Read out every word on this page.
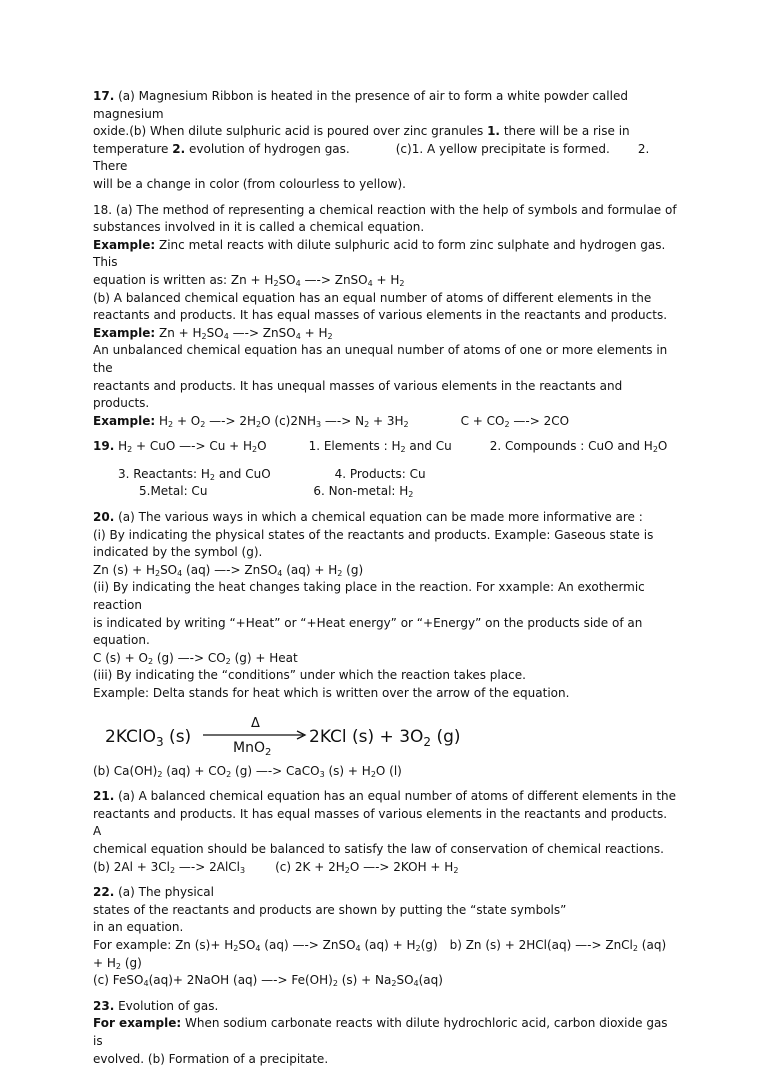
17. (a) Magnesium Ribbon is heated in the presence of air to form a white powder called magnesium

oxide.(b) When dilute sulphuric acid is poured over zinc granules 1. there will be a rise in

temperature 2. evolution of hydrogen gas.	(c)1. A yellow precipitate is formed. 2. There

will be a change in color (from colourless to yellow).

18. (a) The method of representing a chemical reaction with the help of symbols and formulae of

substances involved in it is called a chemical equation.

Example: Zinc metal reacts with dilute sulphuric acid to form zinc sulphate and hydrogen gas. This

equation is written as: $Zn + H_2SO_4$ —-> ZnSO$_4$ + $H_2$

(b) A balanced chemical equation has an equal number of atoms of different elements in the

reactants and products. It has equal masses of various elements in the reactants and products.

Example: $Zn + H_2SO_4$ —-> ZnSO$_4$ + $H_2$

An unbalanced chemical equation has an unequal number of atoms of one or more elements in the

reactants and products. It has unequal masses of various elements in the reactants and products.

Example: $H_2 + O_2$ —-> $2H_2O$ $(c)2NH_3$ —-> $N_2 + 3H_2$	$C + CO_2$ —-> 2CO

19. $H_2$ + CuO —-> $Cu + H_2O$	1. Elements : $H_2$ and Cu	2. Compounds : CuO and $H_2O$

3. Reactants: $H_2$ and CuO	4. Products: Cu

5.Metal: Cu	6. Non-metal: $H_2$

20. (a) The various ways in which a chemical equation can be made more informative are :

(i) By indicating the physical states of the reactants and products. Example: Gaseous state is

indicated by the symbol (g).

Zn $(s) + H_2SO_4$ (aq) —-> ZnSO$_4$ $(aq) + H_2$ (g)

(ii) By indicating the heat changes taking place in the reaction. For xxample: An exothermic reaction

is indicated by writing “+Heat” or “+Heat energy” or “+Energy” on the products side of an equation.

C $(s) + O_2$ (g) —-> $CO_2$ (g) + Heat

(iii) By indicating the “conditions” under which the reaction takes place.

Example: Delta stands for heat which is written over the arrow of the equation.

2KClO$_3$ (s)
Δ
MnO$_2$
2KCl $(s) + 3O_2$ (g)

(b) $Ca(OH)_2$ $(aq) + CO_2$ (g) —-> CaCO$_3$ $(s) + H_2O$ (l)

21. (a) A balanced chemical equation has an equal number of atoms of different elements in the

reactants and products. It has equal masses of various elements in the reactants and products. A

chemical equation should be balanced to satisfy the law of conservation of chemical reactions.

(b) $2Al + 3Cl_2$ —-> 2AlCl$_3$	(c) $2K + 2H_2O$ —-> $2KOH + H_2$

22. (a) The physical

states of the reactants and products are shown by putting the “state symbols”

in an equation.

For example: Zn $(s)+ H_2SO_4$ (aq) —-> ZnSO$_4$ $(aq) + H_2(g)$ b) Zn (s) + 2HCl(aq) —-> ZnCl$_2$ $(aq) + H_2$ (g)

(c) FeSO$_4$(aq)+ 2NaOH (aq) —-> $Fe(OH)_2$ $(s) + Na_2SO_4(aq)$

23. Evolution of gas.

For example: When sodium carbonate reacts with dilute hydrochloric acid, carbon dioxide gas is

evolved. (b) Formation of a precipitate.
